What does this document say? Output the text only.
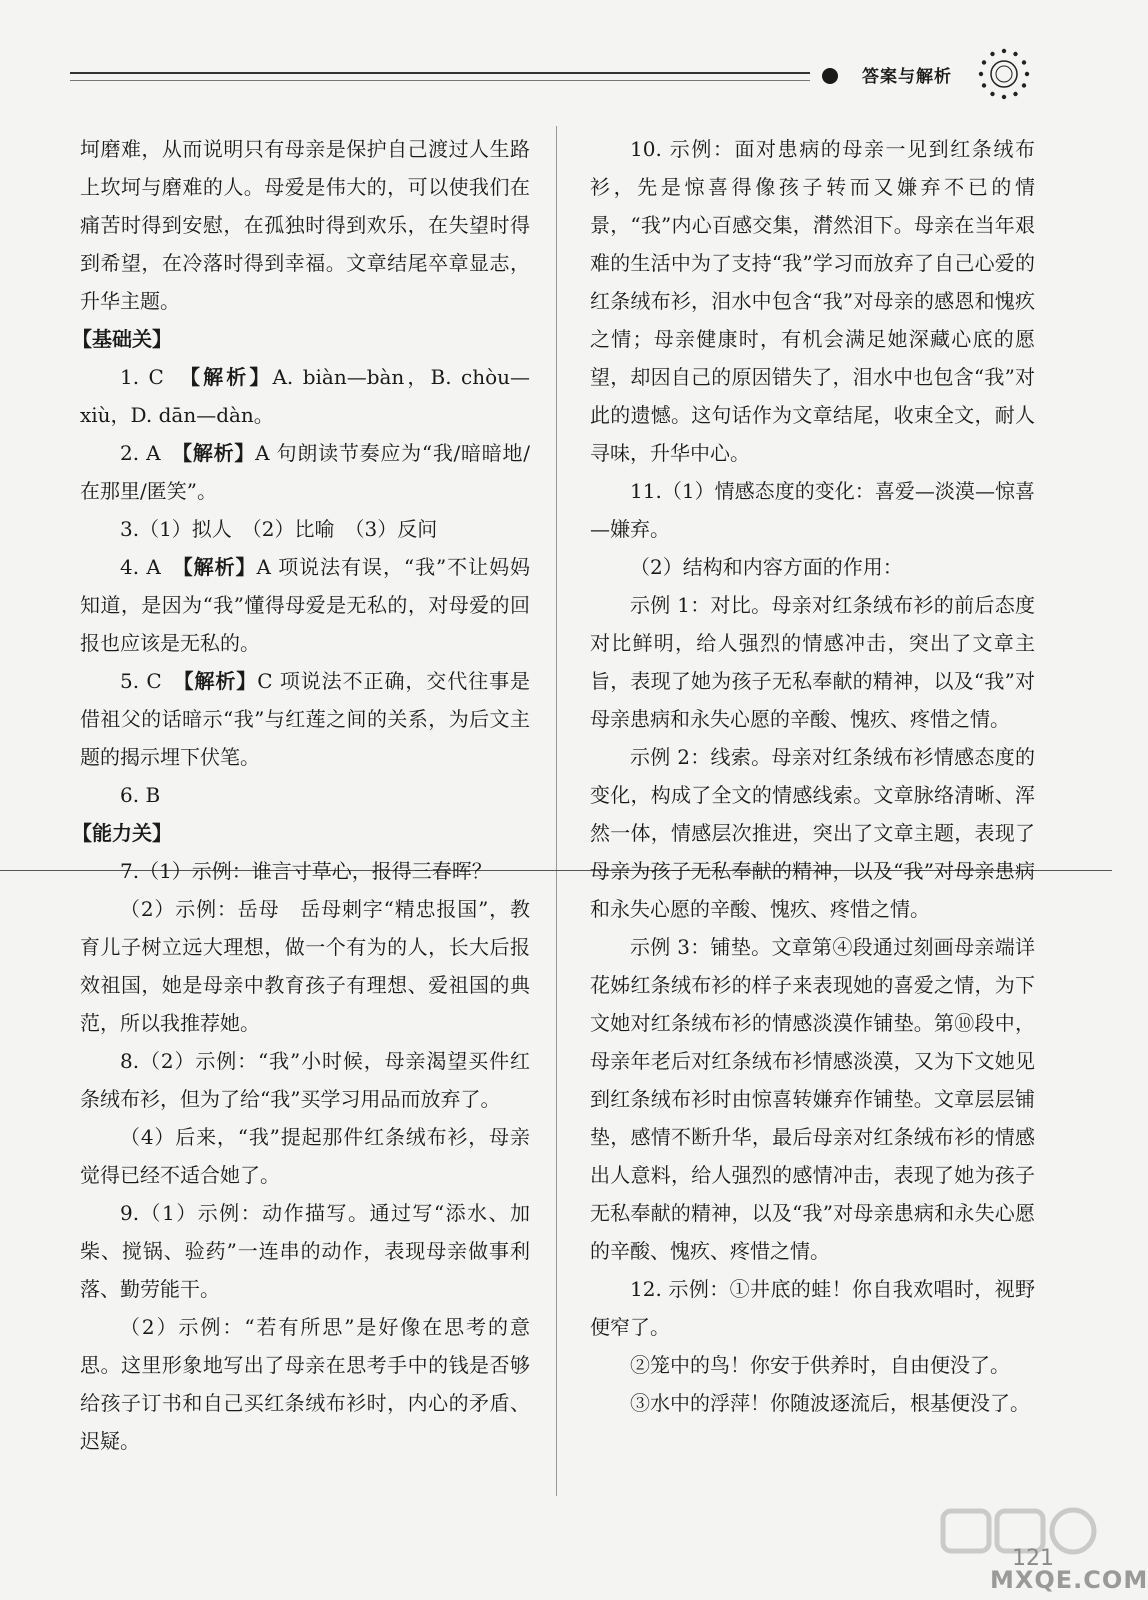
答案与解析

坷磨难，从而说明只有母亲是保护自己渡过人生路上坎坷与磨难的人。母爱是伟大的，可以使我们在痛苦时得到安慰，在孤独时得到欢乐，在失望时得到希望，在冷落时得到幸福。文章结尾卒章显志，升华主题。

【基础关】

1. C　【解析】A. biàn—bàn，B. chòu—xiù，D. dān—dàn。

2. A　【解析】A 句朗读节奏应为“我/暗暗地/在那里/匿笑”。

3.（1）拟人　（2）比喻　（3）反问

4. A　【解析】A 项说法有误，“我”不让妈妈知道，是因为“我”懂得母爱是无私的，对母爱的回报也应该是无私的。

5. C　【解析】C 项说法不正确，交代往事是借祖父的话暗示“我”与红莲之间的关系，为后文主题的揭示埋下伏笔。

6. B

【能力关】

7.（1）示例：谁言寸草心，报得三春晖？

（2）示例：岳母　岳母刺字“精忠报国”，教育儿子树立远大理想，做一个有为的人，长大后报效祖国，她是母亲中教育孩子有理想、爱祖国的典范，所以我推荐她。

8.（2）示例：“我”小时候，母亲渴望买件红条绒布衫，但为了给“我”买学习用品而放弃了。

（4）后来，“我”提起那件红条绒布衫，母亲觉得已经不适合她了。

9.（1）示例：动作描写。通过写“添水、加柴、搅锅、验药”一连串的动作，表现母亲做事利落、勤劳能干。

（2）示例：“若有所思”是好像在思考的意思。这里形象地写出了母亲在思考手中的钱是否够给孩子订书和自己买红条绒布衫时，内心的矛盾、迟疑。

10. 示例：面对患病的母亲一见到红条绒布衫，先是惊喜得像孩子转而又嫌弃不已的情景，“我”内心百感交集，潸然泪下。母亲在当年艰难的生活中为了支持“我”学习而放弃了自己心爱的红条绒布衫，泪水中包含“我”对母亲的感恩和愧疚之情；母亲健康时，有机会满足她深藏心底的愿望，却因自己的原因错失了，泪水中也包含“我”对此的遗憾。这句话作为文章结尾，收束全文，耐人寻味，升华中心。

11.（1）情感态度的变化：喜爱—淡漠—惊喜—嫌弃。

（2）结构和内容方面的作用：

示例 1：对比。母亲对红条绒布衫的前后态度对比鲜明，给人强烈的情感冲击，突出了文章主旨，表现了她为孩子无私奉献的精神，以及“我”对母亲患病和永失心愿的辛酸、愧疚、疼惜之情。

示例 2：线索。母亲对红条绒布衫情感态度的变化，构成了全文的情感线索。文章脉络清晰、浑然一体，情感层次推进，突出了文章主题，表现了母亲为孩子无私奉献的精神，以及“我”对母亲患病和永失心愿的辛酸、愧疚、疼惜之情。

示例 3：铺垫。文章第④段通过刻画母亲端详花姊红条绒布衫的样子来表现她的喜爱之情，为下文她对红条绒布衫的情感淡漠作铺垫。第⑩段中，母亲年老后对红条绒布衫情感淡漠，又为下文她见到红条绒布衫时由惊喜转嫌弃作铺垫。文章层层铺垫，感情不断升华，最后母亲对红条绒布衫的情感出人意料，给人强烈的感情冲击，表现了她为孩子无私奉献的精神，以及“我”对母亲患病和永失心愿的辛酸、愧疚、疼惜之情。

12. 示例：①井底的蛙！你自我欢唱时，视野便窄了。

②笼中的鸟！你安于供养时，自由便没了。

③水中的浮萍！你随波逐流后，根基便没了。

121
MXQE.COM
